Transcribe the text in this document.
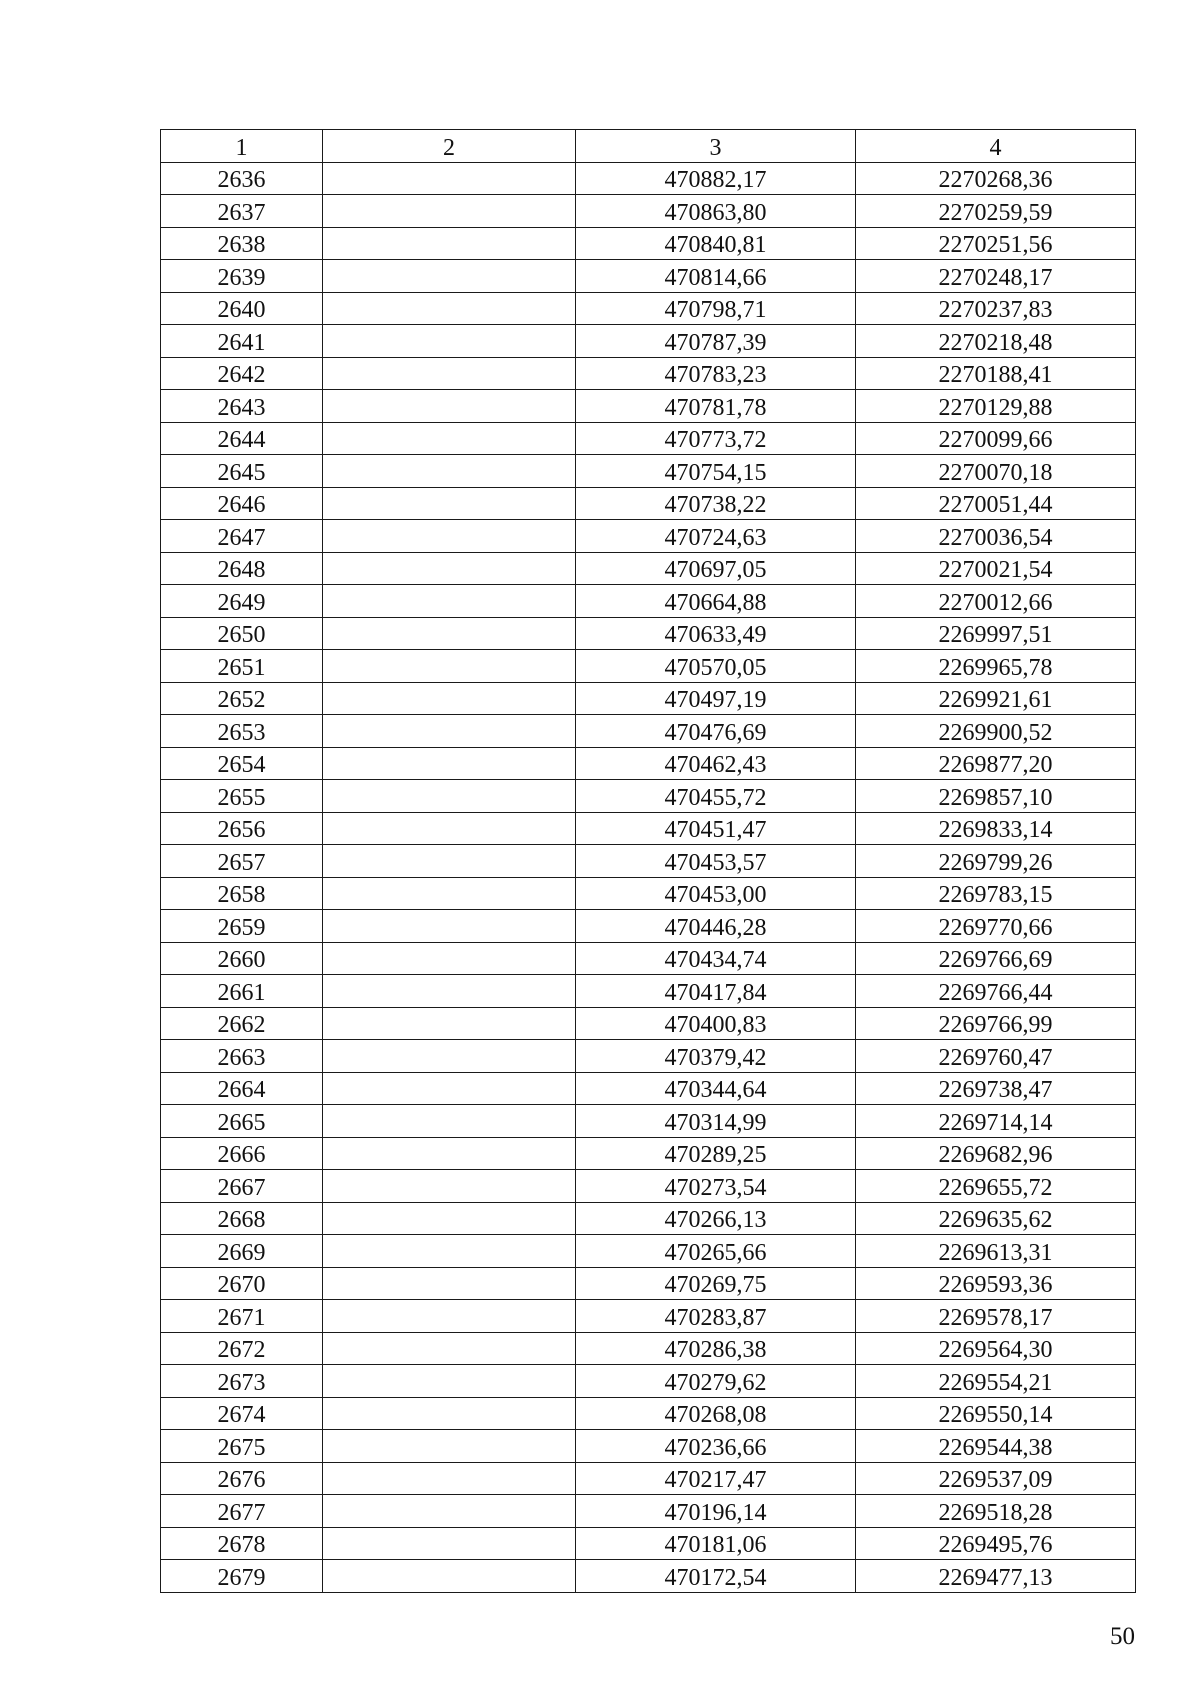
1	2	3	4
2636		470882,17	2270268,36
2637		470863,80	2270259,59
2638		470840,81	2270251,56
2639		470814,66	2270248,17
2640		470798,71	2270237,83
2641		470787,39	2270218,48
2642		470783,23	2270188,41
2643		470781,78	2270129,88
2644		470773,72	2270099,66
2645		470754,15	2270070,18
2646		470738,22	2270051,44
2647		470724,63	2270036,54
2648		470697,05	2270021,54
2649		470664,88	2270012,66
2650		470633,49	2269997,51
2651		470570,05	2269965,78
2652		470497,19	2269921,61
2653		470476,69	2269900,52
2654		470462,43	2269877,20
2655		470455,72	2269857,10
2656		470451,47	2269833,14
2657		470453,57	2269799,26
2658		470453,00	2269783,15
2659		470446,28	2269770,66
2660		470434,74	2269766,69
2661		470417,84	2269766,44
2662		470400,83	2269766,99
2663		470379,42	2269760,47
2664		470344,64	2269738,47
2665		470314,99	2269714,14
2666		470289,25	2269682,96
2667		470273,54	2269655,72
2668		470266,13	2269635,62
2669		470265,66	2269613,31
2670		470269,75	2269593,36
2671		470283,87	2269578,17
2672		470286,38	2269564,30
2673		470279,62	2269554,21
2674		470268,08	2269550,14
2675		470236,66	2269544,38
2676		470217,47	2269537,09
2677		470196,14	2269518,28
2678		470181,06	2269495,76
2679		470172,54	2269477,13
50
